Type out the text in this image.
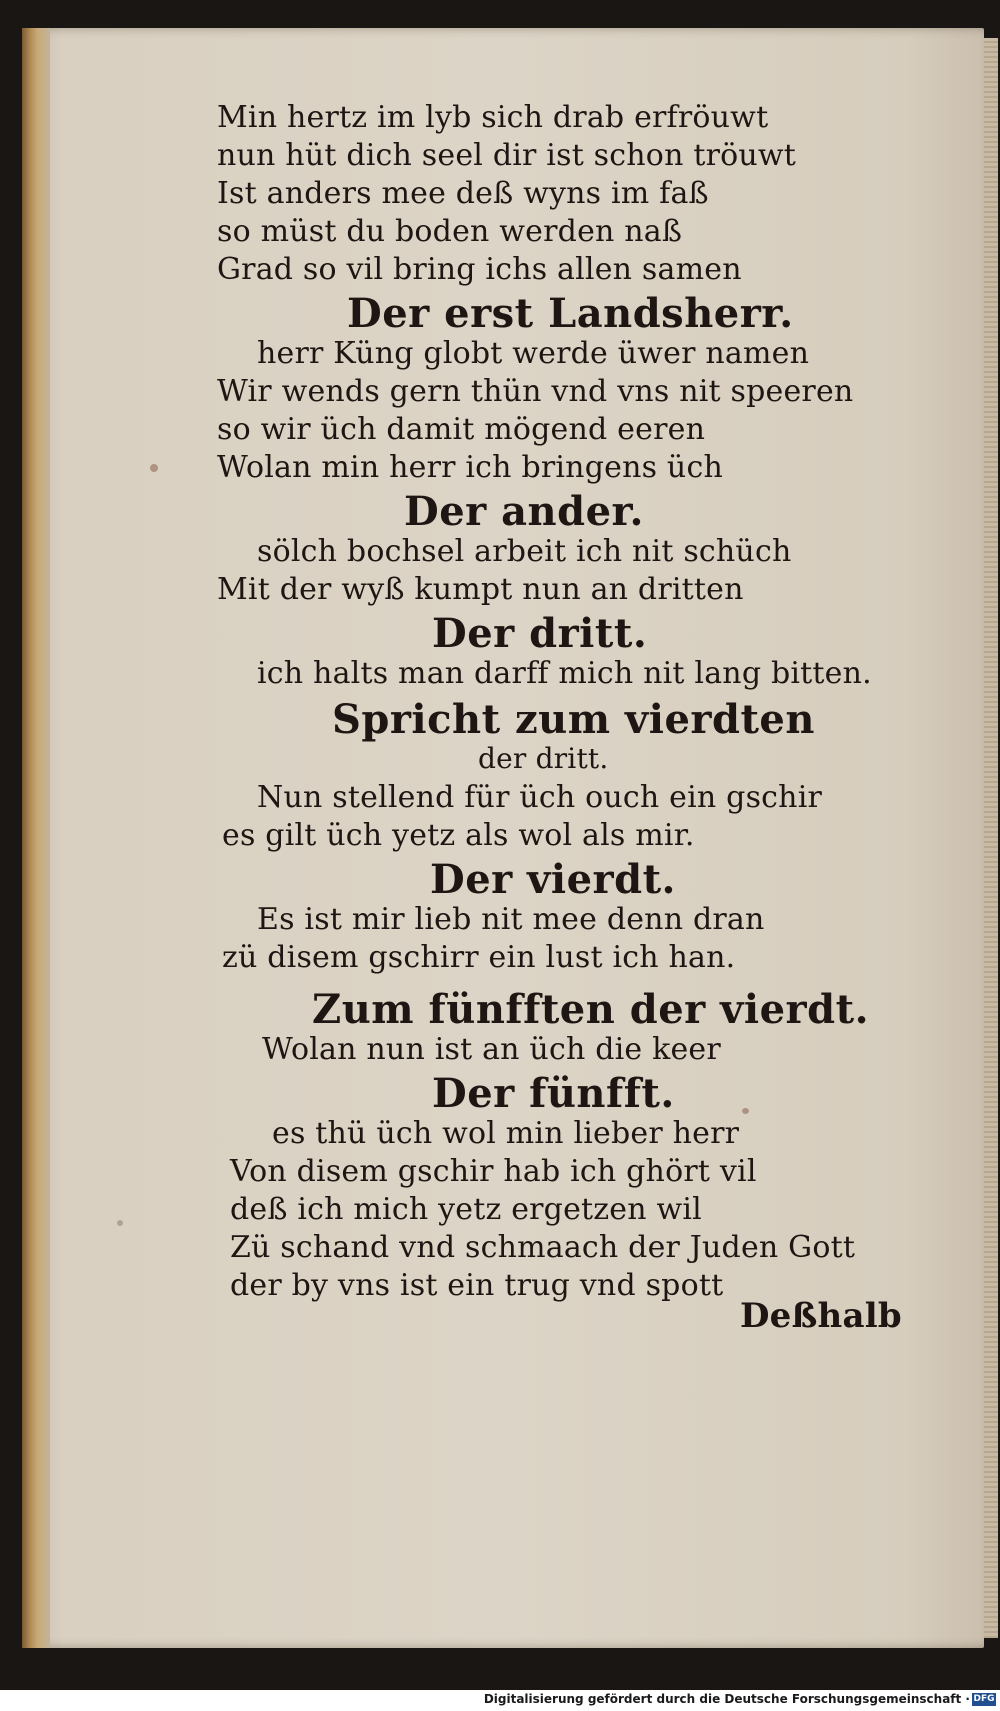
Min hertz im lyb sich drab erfröuwt
nun hüt dich seel dir ist schon tröuwt
Ist anders mee deß wyns im faß
so müst du boden werden naß
Grad so vil bring ichs allen samen
Der erst Landsherr.
herr Küng globt werde üwer namen
Wir wends gern thün vnd vns nit speeren
so wir üch damit mögend eeren
Wolan min herr ich bringens üch
Der ander.
sölch bochsel arbeit ich nit schüch
Mit der wyß kumpt nun an dritten
Der dritt.
ich halts man darff mich nit lang bitten.
Spricht zum vierdten
der dritt.
Nun stellend für üch ouch ein gschir
es gilt üch yetz als wol als mir.
Der vierdt.
Es ist mir lieb nit mee denn dran
zü disem gschirr ein lust ich han.
Zum fünfften der vierdt.
Wolan nun ist an üch die keer
Der fünfft.
es thü üch wol min lieber herr
Von disem gschir hab ich ghört vil
deß ich mich yetz ergetzen wil
Zü schand vnd schmaach der Juden Gott
der by vns ist ein trug vnd spott
Deßhalb
Digitalisierung gefördert durch die Deutsche Forschungsgemeinschaft · DFG
